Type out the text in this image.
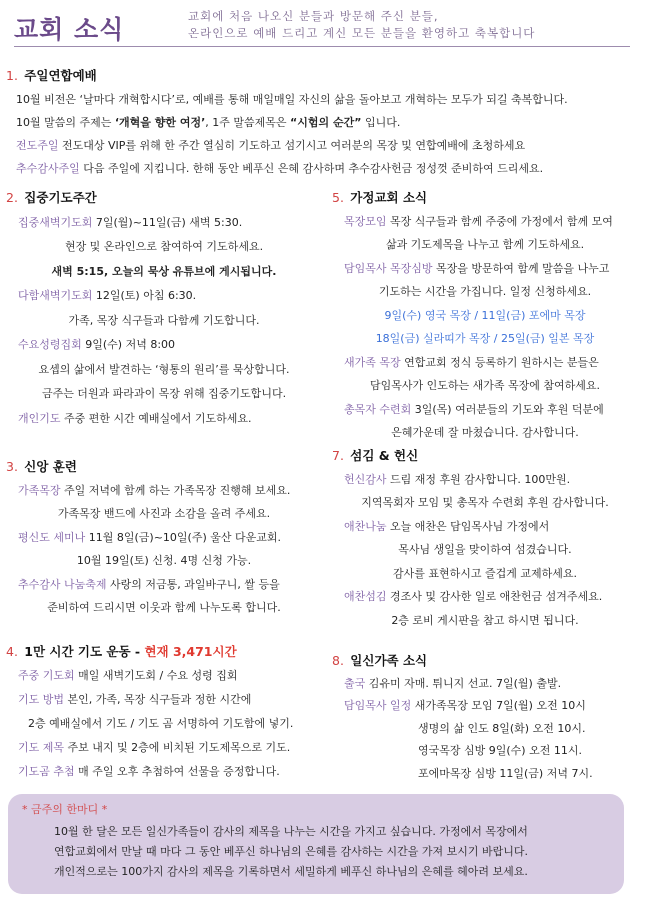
교회 소식	교회에 처음 나오신 분들과 방문해 주신 분들,
온라인으로 예배 드리고 계신 모든 분들을 환영하고 축복합니다
1. 주일연합예배
10월 비전은 ‘날마다 개혁합시다’로, 예배를 통해 매일매일 자신의 삶을 돌아보고 개혁하는 모두가 되길 축복합니다.
10월 말씀의 주제는 ‘개혁을 향한 여정’, 1주 말씀제목은 “시험의 순간” 입니다.
전도주일 전도대상 VIP를 위해 한 주간 열심히 기도하고 섬기시고 여러분의 목장 및 연합예배에 초청하세요
추수감사주일 다음 주일에 지킵니다. 한해 동안 베푸신 은혜 감사하며 추수감사헌금 정성껏 준비하여 드리세요.
2. 집중기도주간
집중새벽기도회 7일(월)~11일(금) 새벽 5:30.
현장 및 온라인으로 참여하여 기도하세요.
새벽 5:15, 오늘의 묵상 유튜브에 게시됩니다.
다함새벽기도회 12일(토) 아침 6:30.
가족, 목장 식구들과 다함께 기도합니다.
수요성령집회 9일(수) 저녁 8:00
요셉의 삶에서 발견하는 ‘형통의 원리’를 묵상합니다.
금주는 더원과 파라과이 목장 위해 집중기도합니다.
개인기도 주중 편한 시간 예배실에서 기도하세요.
3. 신앙 훈련
가족목장 주일 저녁에 함께 하는 가족목장 진행해 보세요.
가족목장 밴드에 사진과 소감을 올려 주세요.
평신도 세미나 11월 8일(금)~10일(주) 울산 다운교회.
10월 19일(토) 신청. 4명 신청 가능.
추수감사 나눔축제 사랑의 저금통, 과일바구니, 쌀 등을
준비하여 드리시면 이웃과 함께 나누도록 합니다.
4. 1만 시간 기도 운동 - 현재 3,471시간
주중 기도회 매일 새벽기도회 / 수요 성령 집회
기도 방법 본인, 가족, 목장 식구들과 정한 시간에
2층 예배실에서 기도 / 기도 곰 서명하여 기도함에 넣기.
기도 제목 주보 내지 및 2층에 비치된 기도제목으로 기도.
기도곰 추첨 매 주일 오후 추첨하여 선물을 증정합니다.
5. 가정교회 소식
목장모임 목장 식구들과 함께 주중에 가정에서 함께 모여
삶과 기도제목을 나누고 함께 기도하세요.
담임목사 목장심방 목장을 방문하여 함께 말씀을 나누고
기도하는 시간을 가집니다. 일정 신청하세요.
9일(수) 영국 목장 / 11일(금) 포에마 목장
18일(금) 실라띠가 목장 / 25일(금) 일본 목장
새가족 목장 연합교회 정식 등록하기 원하시는 분들은
담임목사가 인도하는 새가족 목장에 참여하세요.
총목자 수련회 3일(목) 여러분들의 기도와 후원 덕분에
은혜가운데 잘 마쳤습니다. 감사합니다.
7. 섬김 & 헌신
헌신감사 드림 재정 후원 감사합니다. 100만원.
지역목회자 모임 및 총목자 수련회 후원 감사합니다.
애찬나눔 오늘 애찬은 담임목사님 가정에서
목사님 생일을 맞이하여 섬겼습니다.
감사를 표현하시고 즐겁게 교제하세요.
애찬섬김 경조사 및 감사한 일로 애찬헌금 섬겨주세요.
2층 로비 게시판을 참고 하시면 됩니다.
8. 일신가족 소식
출국 김유미 자매. 튀니지 선교. 7일(월) 출발.
담임목사 일정 새가족목장 모임 7일(월) 오전 10시
생명의 삶 인도 8일(화) 오전 10시.
영국목장 심방 9일(수) 오전 11시.
포에마목장 심방 11일(금) 저녁 7시.
* 금주의 한마디 *
10월 한 달은 모든 일신가족들이 감사의 제목을 나누는 시간을 가지고 싶습니다. 가정에서 목장에서
연합교회에서 만날 때 마다 그 동안 베푸신 하나님의 은혜를 감사하는 시간을 가져 보시기 바랍니다.
개인적으로는 100가지 감사의 제목을 기록하면서 세밀하게 베푸신 하나님의 은혜를 헤아려 보세요.
